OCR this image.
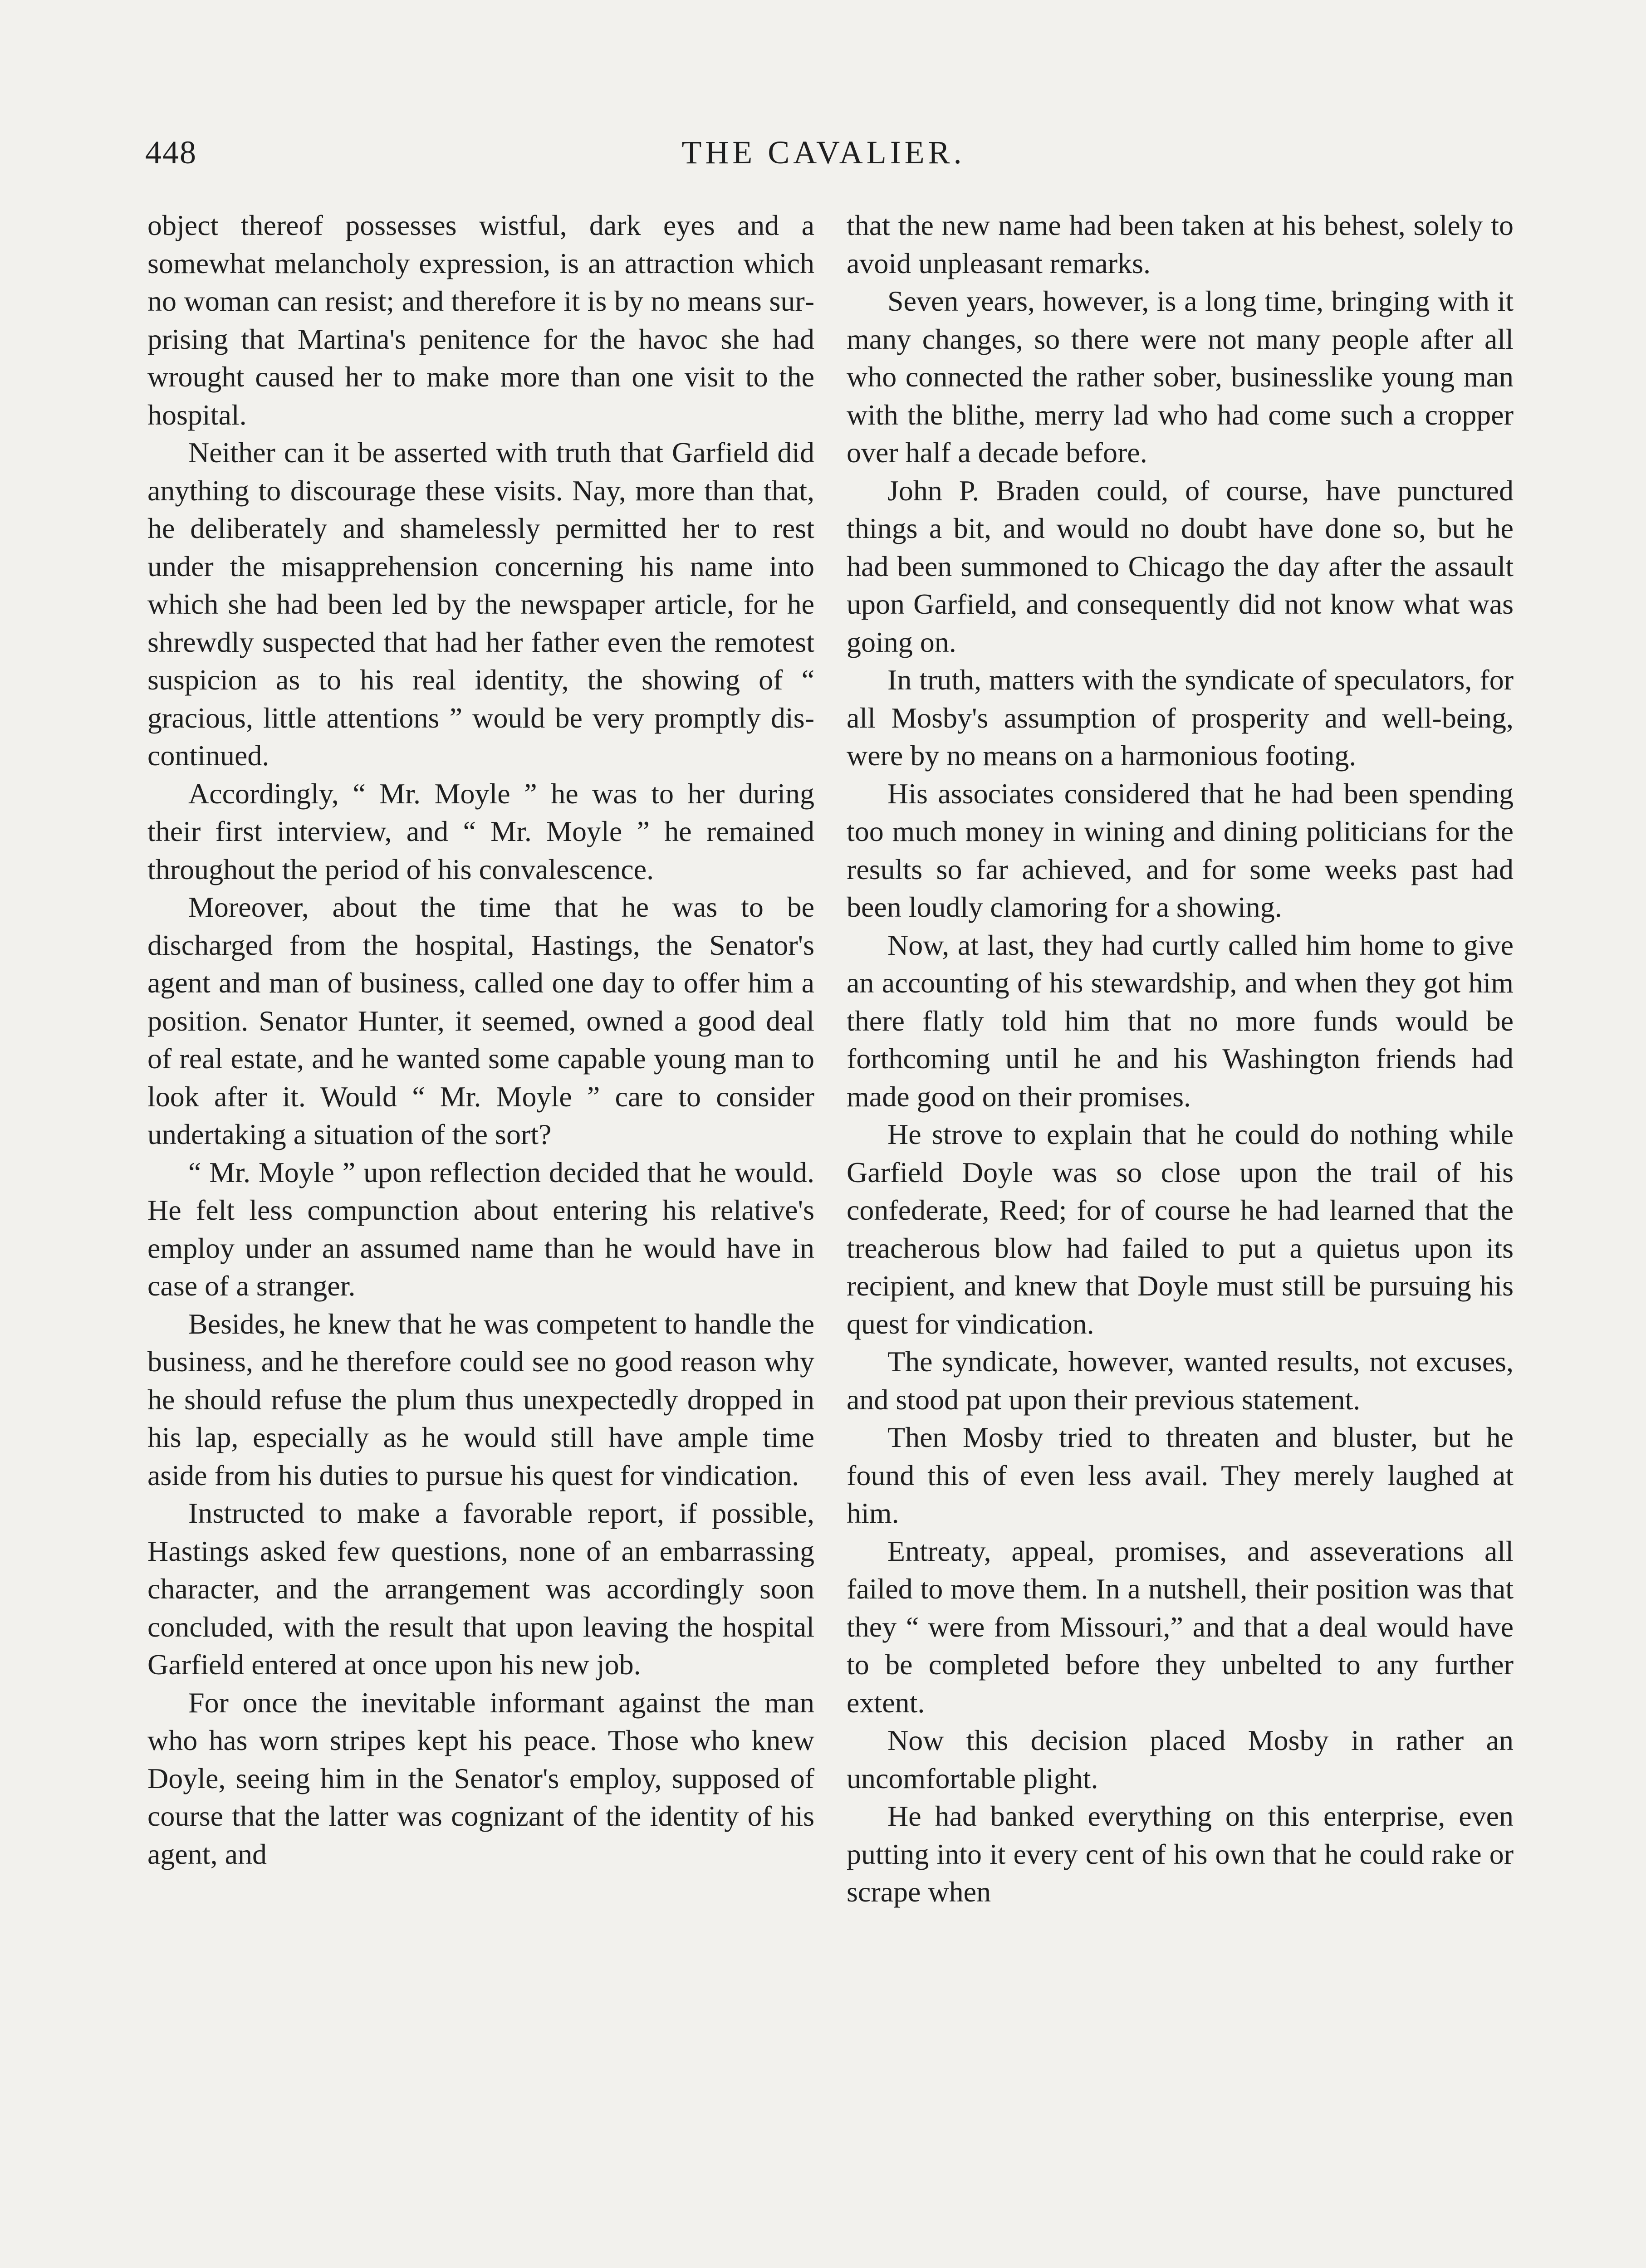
448	THE CAVALIER.

object thereof possesses wistful, dark eyes and a somewhat melancholy expression, is an attraction which no woman can resist; and therefore it is by no means surprising that Martina's penitence for the havoc she had wrought caused her to make more than one visit to the hospital.

Neither can it be asserted with truth that Garfield did anything to discourage these visits. Nay, more than that, he deliberately and shamelessly permitted her to rest under the misapprehension concerning his name into which she had been led by the newspaper article, for he shrewdly suspected that had her father even the remotest suspicion as to his real identity, the showing of “ gracious, little attentions ” would be very promptly discontinued.

Accordingly, “ Mr. Moyle ” he was to her during their first interview, and “ Mr. Moyle ” he remained throughout the period of his convalescence.

Moreover, about the time that he was to be discharged from the hospital, Hastings, the Senator's agent and man of business, called one day to offer him a position. Senator Hunter, it seemed, owned a good deal of real estate, and he wanted some capable young man to look after it. Would “ Mr. Moyle ” care to consider undertaking a situation of the sort?

“ Mr. Moyle ” upon reflection decided that he would. He felt less compunction about entering his relative's employ under an assumed name than he would have in case of a stranger.

Besides, he knew that he was competent to handle the business, and he therefore could see no good reason why he should refuse the plum thus unexpectedly dropped in his lap, especially as he would still have ample time aside from his duties to pursue his quest for vindication.

Instructed to make a favorable report, if possible, Hastings asked few questions, none of an embarrassing character, and the arrangement was accordingly soon concluded, with the result that upon leaving the hospital Garfield entered at once upon his new job.

For once the inevitable informant against the man who has worn stripes kept his peace. Those who knew Doyle, seeing him in the Senator's employ, supposed of course that the latter was cognizant of the identity of his agent, and

that the new name had been taken at his behest, solely to avoid unpleasant remarks.

Seven years, however, is a long time, bringing with it many changes, so there were not many people after all who connected the rather sober, businesslike young man with the blithe, merry lad who had come such a cropper over half a decade before.

John P. Braden could, of course, have punctured things a bit, and would no doubt have done so, but he had been summoned to Chicago the day after the assault upon Garfield, and consequently did not know what was going on.

In truth, matters with the syndicate of speculators, for all Mosby's assumption of prosperity and well-being, were by no means on a harmonious footing.

His associates considered that he had been spending too much money in wining and dining politicians for the results so far achieved, and for some weeks past had been loudly clamoring for a showing.

Now, at last, they had curtly called him home to give an accounting of his stewardship, and when they got him there flatly told him that no more funds would be forthcoming until he and his Washington friends had made good on their promises.

He strove to explain that he could do nothing while Garfield Doyle was so close upon the trail of his confederate, Reed; for of course he had learned that the treacherous blow had failed to put a quietus upon its recipient, and knew that Doyle must still be pursuing his quest for vindication.

The syndicate, however, wanted results, not excuses, and stood pat upon their previous statement.

Then Mosby tried to threaten and bluster, but he found this of even less avail. They merely laughed at him.

Entreaty, appeal, promises, and asseverations all failed to move them. In a nutshell, their position was that they “ were from Missouri,” and that a deal would have to be completed before they unbelted to any further extent.

Now this decision placed Mosby in rather an uncomfortable plight.

He had banked everything on this enterprise, even putting into it every cent of his own that he could rake or scrape when
